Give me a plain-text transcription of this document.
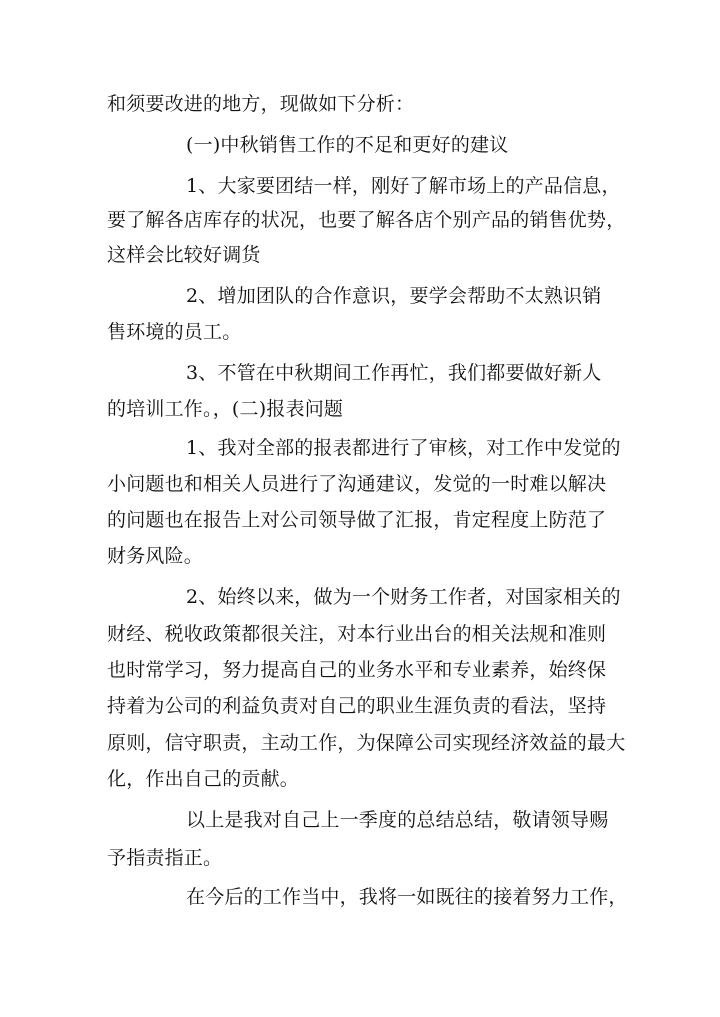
和须要改进的地方，现做如下分析：
(一)中秋销售工作的不足和更好的建议
1、大家要团结一样，刚好了解市场上的产品信息，
要了解各店库存的状况，也要了解各店个别产品的销售优势，
这样会比较好调货
2、增加团队的合作意识，要学会帮助不太熟识销
售环境的员工。
3、不管在中秋期间工作再忙，我们都要做好新人
的培训工作。，(二)报表问题
1、我对全部的报表都进行了审核，对工作中发觉的
小问题也和相关人员进行了沟通建议，发觉的一时难以解决
的问题也在报告上对公司领导做了汇报，肯定程度上防范了
财务风险。
2、始终以来，做为一个财务工作者，对国家相关的
财经、税收政策都很关注，对本行业出台的相关法规和准则
也时常学习，努力提高自己的业务水平和专业素养，始终保
持着为公司的利益负责对自己的职业生涯负责的看法，坚持
原则，信守职责，主动工作，为保障公司实现经济效益的最大
化，作出自己的贡献。
以上是我对自己上一季度的总结总结，敬请领导赐
予指责指正。
在今后的工作当中，我将一如既往的接着努力工作，
